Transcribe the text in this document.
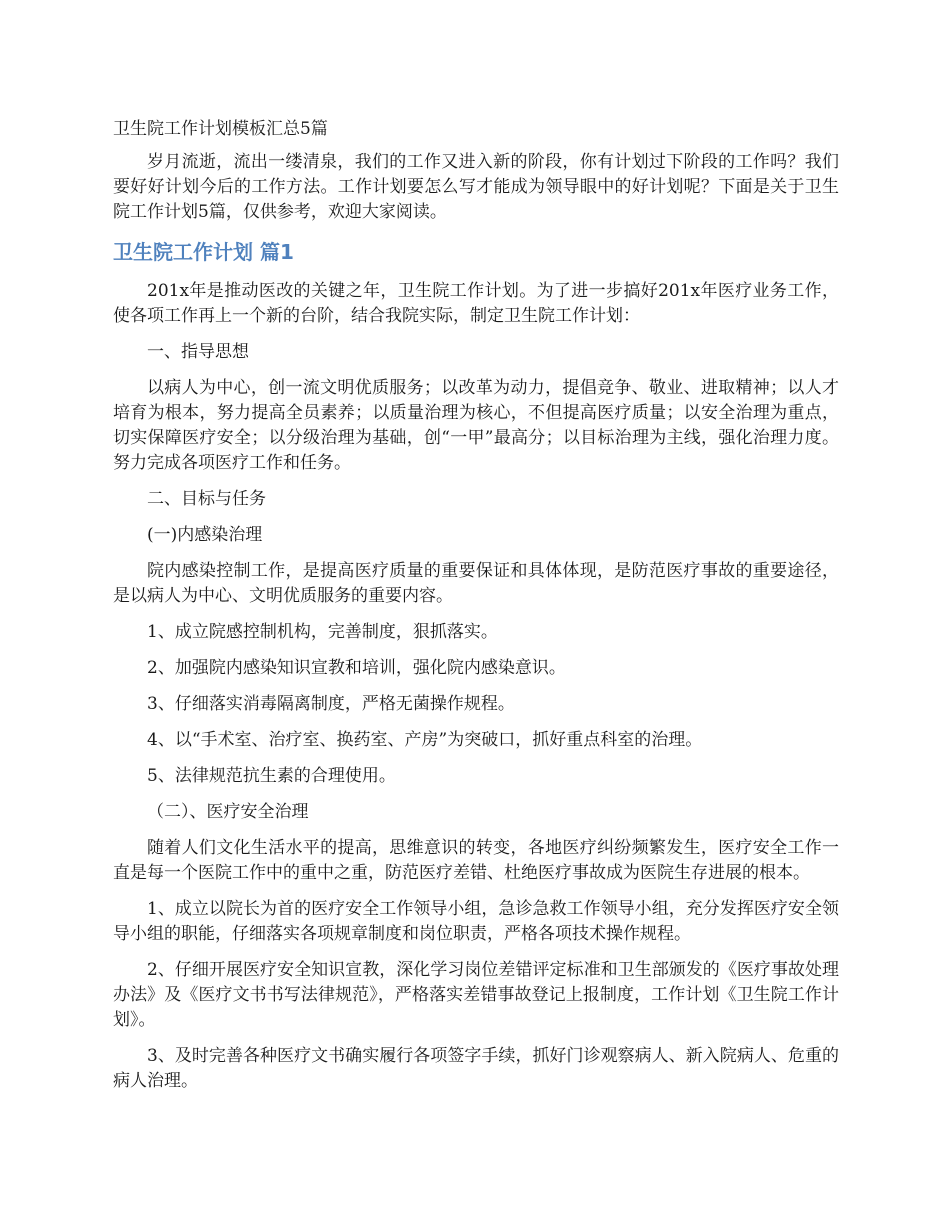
卫生院工作计划模板汇总5篇
岁月流逝，流出一缕清泉，我们的工作又进入新的阶段，你有计划过下阶段的工作吗？我们要好好计划今后的工作方法。工作计划要怎么写才能成为领导眼中的好计划呢？下面是关于卫生院工作计划5篇，仅供参考，欢迎大家阅读。
卫生院工作计划 篇1
201x年是推动医改的关键之年，卫生院工作计划。为了进一步搞好201x年医疗业务工作，使各项工作再上一个新的台阶，结合我院实际，制定卫生院工作计划：
一、指导思想
以病人为中心，创一流文明优质服务；以改革为动力，提倡竞争、敬业、进取精神；以人才培育为根本，努力提高全员素养；以质量治理为核心，不但提高医疗质量；以安全治理为重点，切实保障医疗安全；以分级治理为基础，创“一甲”最高分；以目标治理为主线，强化治理力度。努力完成各项医疗工作和任务。
二、目标与任务
(一)内感染治理
院内感染控制工作，是提高医疗质量的重要保证和具体体现，是防范医疗事故的重要途径，是以病人为中心、文明优质服务的重要内容。
1、成立院感控制机构，完善制度，狠抓落实。
2、加强院内感染知识宣教和培训，强化院内感染意识。
3、仔细落实消毒隔离制度，严格无菌操作规程。
4、以“手术室、治疗室、换药室、产房”为突破口，抓好重点科室的治理。
5、法律规范抗生素的合理使用。
（二）、医疗安全治理
随着人们文化生活水平的提高，思维意识的转变，各地医疗纠纷频繁发生，医疗安全工作一直是每一个医院工作中的重中之重，防范医疗差错、杜绝医疗事故成为医院生存进展的根本。
1、成立以院长为首的医疗安全工作领导小组，急诊急救工作领导小组，充分发挥医疗安全领导小组的职能，仔细落实各项规章制度和岗位职责，严格各项技术操作规程。
2、仔细开展医疗安全知识宣教，深化学习岗位差错评定标准和卫生部颁发的《医疗事故处理办法》及《医疗文书书写法律规范》，严格落实差错事故登记上报制度，工作计划《卫生院工作计划》。
3、及时完善各种医疗文书确实履行各项签字手续，抓好门诊观察病人、新入院病人、危重的病人治理。
